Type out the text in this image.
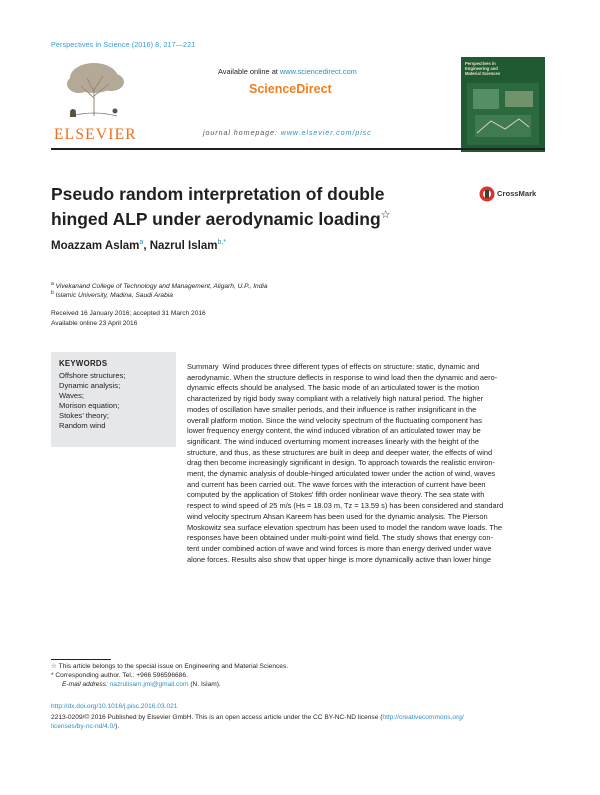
Perspectives in Science (2016) 8, 217—221
ELSEVIER
Available online at www.sciencedirect.com
ScienceDirect
journal homepage: www.elsevier.com/pisc
Perspectives in
Engineering and
Material Sciences
Pseudo random interpretation of double
hinged ALP under aerodynamic loading☆
CrossMark
Moazzam Aslam$^a$, Nazrul Islam$^{b,*}$
$^a$ Vivekanand College of Technology and Management, Aligarh, U.P., India
$^b$ Islamic University, Madina, Saudi Arabia
Received 16 January 2016; accepted 31 March 2016
Available online 23 April 2016
KEYWORDS
Offshore structures;
Dynamic analysis;
Waves;
Morison equation;
Stokes’ theory;
Random wind
Summary Wind produces three different types of effects on structure: static, dynamic and
aerodynamic. When the structure deflects in response to wind load then the dynamic and aero-
dynamic effects should be analysed. The basic mode of an articulated tower is the motion
characterized by rigid body sway compliant with a relatively high natural period. The higher
modes of oscillation have smaller periods, and their influence is rather insignificant in the
overall platform motion. Since the wind velocity spectrum of the fluctuating component has
lower frequency energy content, the wind induced vibration of an articulated tower may be
significant. The wind induced overturning moment increases linearly with the height of the
structure, and thus, as these structures are built in deep and deeper water, the effects of wind
drag then become increasingly significant in design. To approach towards the realistic environ-
ment, the dynamic analysis of double-hinged articulated tower under the action of wind, waves
and current has been carried out. The wave forces with the interaction of current have been
computed by the application of Stokes’ fifth order nonlinear wave theory. The sea state with
respect to wind speed of 25 m/s (Hs = 18.03 m, Tz = 13.59 s) has been considered and standard
wind velocity spectrum Ahsan Kareem has been used for the dynamic analysis. The Pierson
Moskowitz sea surface elevation spectrum has been used to model the random wave loads. The
responses have been obtained under multi-point wind field. The study shows that energy con-
tent under combined action of wave and wind forces is more than energy derived under wave
alone forces. Results also show that upper hinge is more dynamically active than lower hinge
☆ This article belongs to the special issue on Engineering and Material Sciences.
* Corresponding author. Tel.: +966 596596686.
E-mail address: nazrulisam.jmi@gmail.com (N. Islam).
http://dx.doi.org/10.1016/j.pisc.2016.03.021
2213-0209/© 2016 Published by Elsevier GmbH. This is an open access article under the CC BY-NC-ND license (http://creativecommons.org/
licenses/by-nc-nd/4.0/).
